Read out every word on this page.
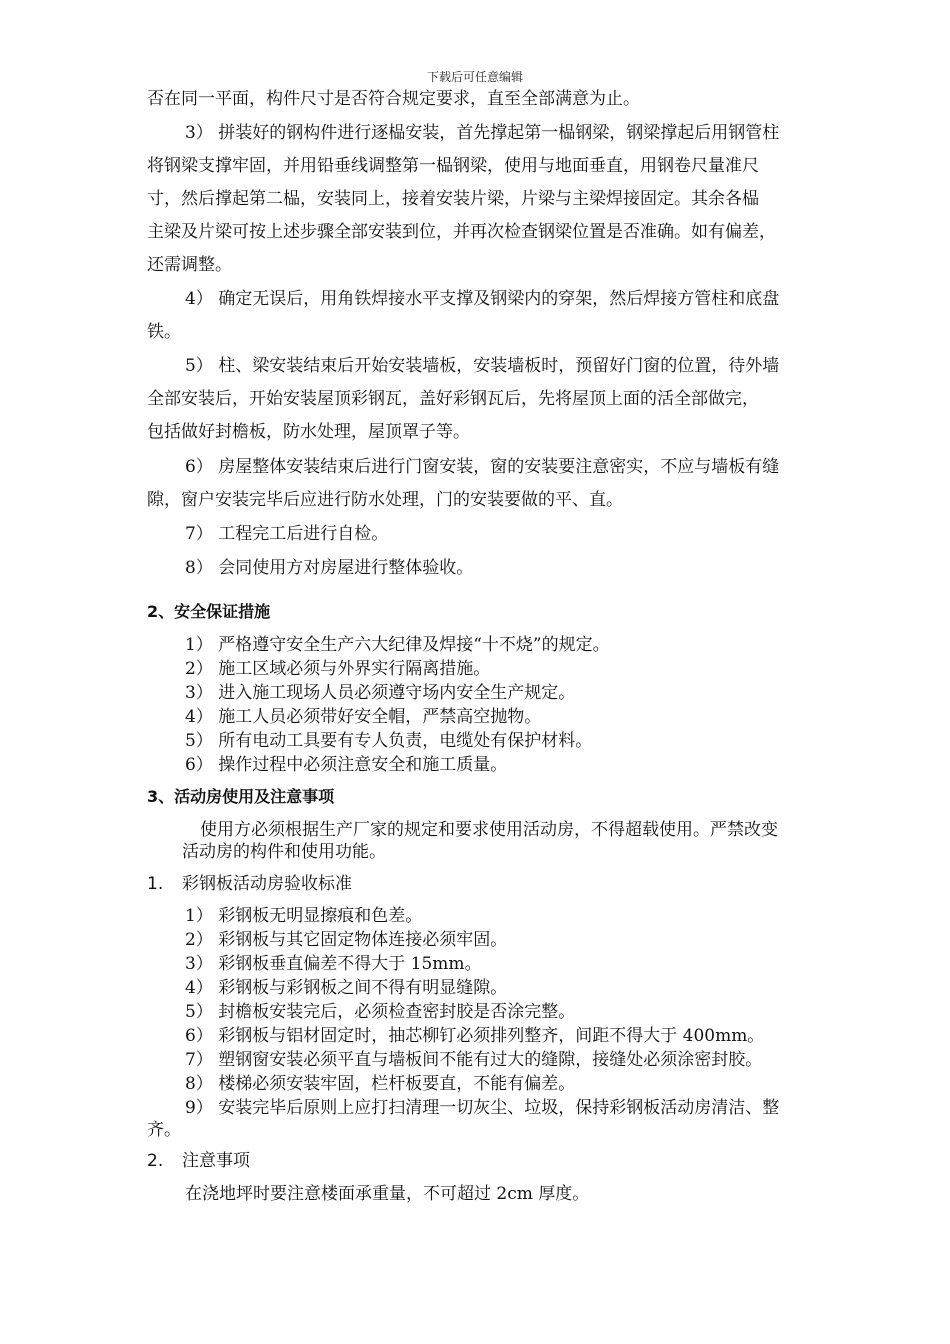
下载后可任意编辑
否在同一平面，构件尺寸是否符合规定要求，直至全部满意为止。
3） 拼装好的钢构件进行逐榀安装，首先撑起第一榀钢梁，钢梁撑起后用钢管柱
将钢梁支撑牢固，并用铅垂线调整第一榀钢梁，使用与地面垂直，用钢卷尺量准尺
寸，然后撑起第二榀，安装同上，接着安装片梁，片梁与主梁焊接固定。其余各榀
主梁及片梁可按上述步骤全部安装到位，并再次检查钢梁位置是否准确。如有偏差，
还需调整。
4） 确定无误后，用角铁焊接水平支撑及钢梁内的穿架，然后焊接方管柱和底盘
铁。
5） 柱、梁安装结束后开始安装墙板，安装墙板时，预留好门窗的位置，待外墙
全部安装后，开始安装屋顶彩钢瓦，盖好彩钢瓦后，先将屋顶上面的活全部做完，
包括做好封檐板，防水处理，屋顶罩子等。
6） 房屋整体安装结束后进行门窗安装，窗的安装要注意密实，不应与墙板有缝
隙，窗户安装完毕后应进行防水处理，门的安装要做的平、直。
7） 工程完工后进行自检。
8） 会同使用方对房屋进行整体验收。
2、安全保证措施
1） 严格遵守安全生产六大纪律及焊接“十不烧”的规定。
2） 施工区域必须与外界实行隔离措施。
3） 进入施工现场人员必须遵守场内安全生产规定。
4） 施工人员必须带好安全帽，严禁高空抛物。
5） 所有电动工具要有专人负责，电缆处有保护材料。
6） 操作过程中必须注意安全和施工质量。
3、活动房使用及注意事项
使用方必须根据生产厂家的规定和要求使用活动房，不得超载使用。严禁改变
活动房的构件和使用功能。
1. 彩钢板活动房验收标准
1） 彩钢板无明显擦痕和色差。
2） 彩钢板与其它固定物体连接必须牢固。
3） 彩钢板垂直偏差不得大于 15mm。
4） 彩钢板与彩钢板之间不得有明显缝隙。
5） 封檐板安装完后，必须检查密封胶是否涂完整。
6） 彩钢板与铝材固定时，抽芯柳钉必须排列整齐，间距不得大于 400mm。
7） 塑钢窗安装必须平直与墙板间不能有过大的缝隙，接缝处必须涂密封胶。
8） 楼梯必须安装牢固，栏杆板要直，不能有偏差。
9） 安装完毕后原则上应打扫清理一切灰尘、垃圾，保持彩钢板活动房清洁、整
齐。
2. 注意事项
在浇地坪时要注意楼面承重量，不可超过 2cm 厚度。
